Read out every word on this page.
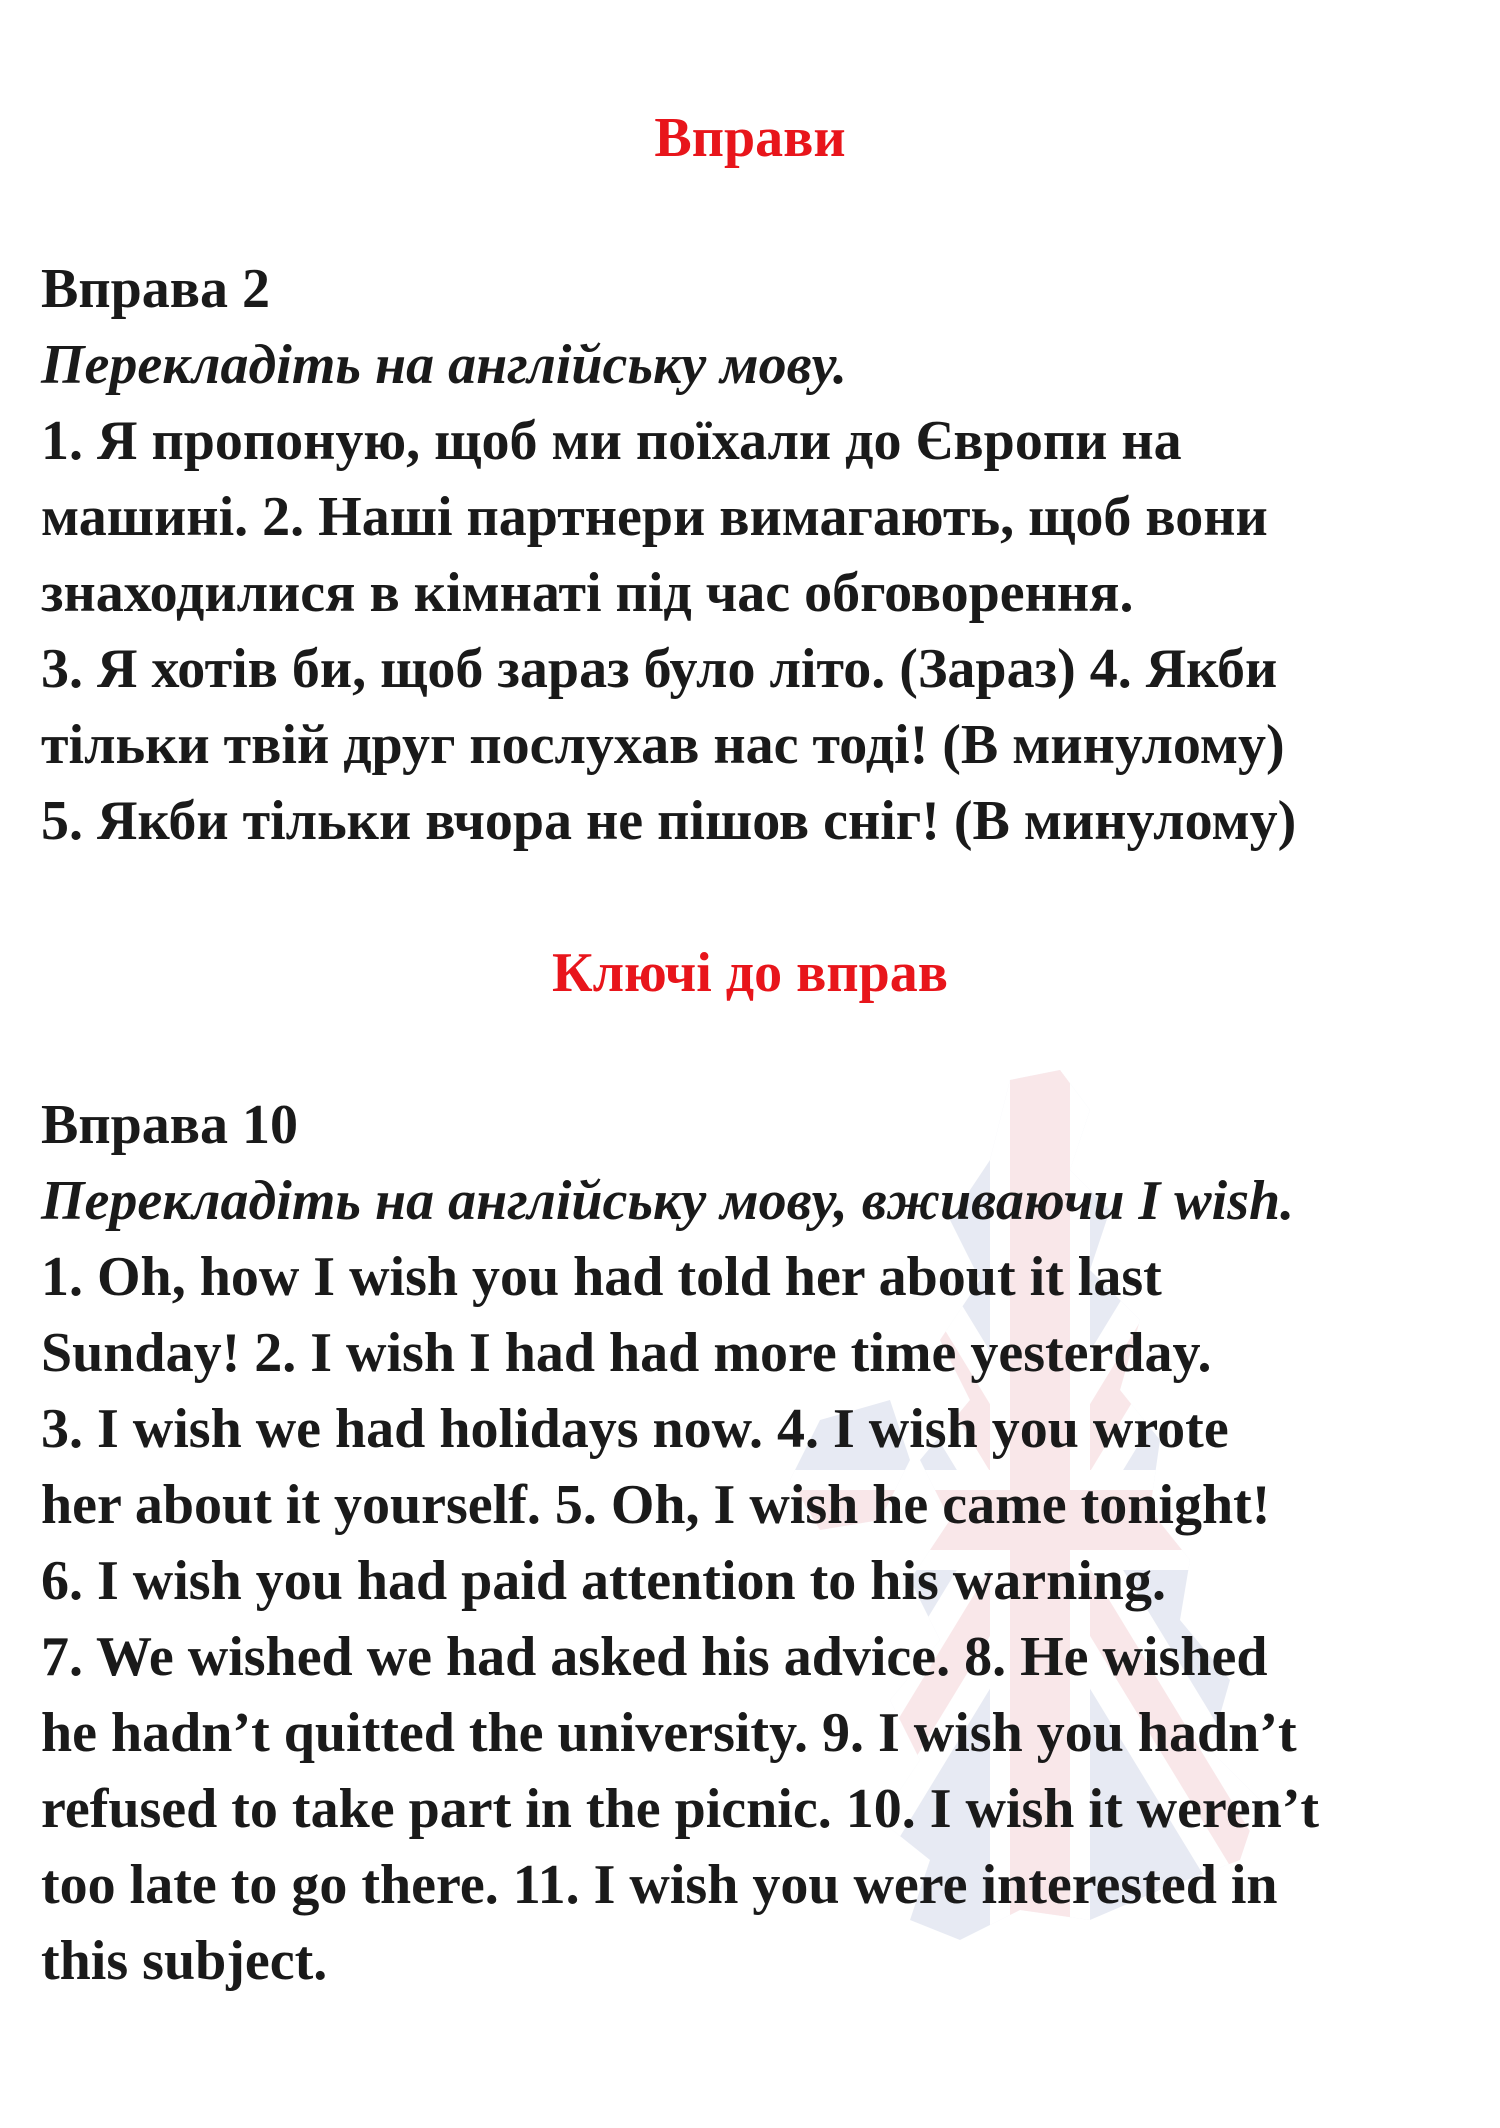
Вправи
Вправа 2
Перекладіть на англійську мову.

1. Я пропоную, щоб ми поїхали до Європи на

машині. 2. Наші партнери вимагають, щоб вони

знаходилися в кімнаті під час обговорення.

3. Я хотів би, щоб зараз було літо. (Зараз) 4. Якби

тільки твій друг послухав нас тоді! (В минулому)

5. Якби тільки вчора не пішов сніг! (В минулому)

Ключі до вправ
Вправа 10
Перекладіть на англійську мову, вживаючи I wish.

1. Oh, how I wish you had told her about it last

Sunday! 2. I wish I had had more time yesterday.

3. I wish we had holidays now. 4. I wish you wrote

her about it yourself. 5. Oh, I wish he came tonight!

6. I wish you had paid attention to his warning.

7. We wished we had asked his advice. 8. He wished

he hadn’t quitted the university. 9. I wish you hadn’t

refused to take part in the picnic. 10. I wish it weren’t

too late to go there. 11. I wish you were interested in

this subject.
